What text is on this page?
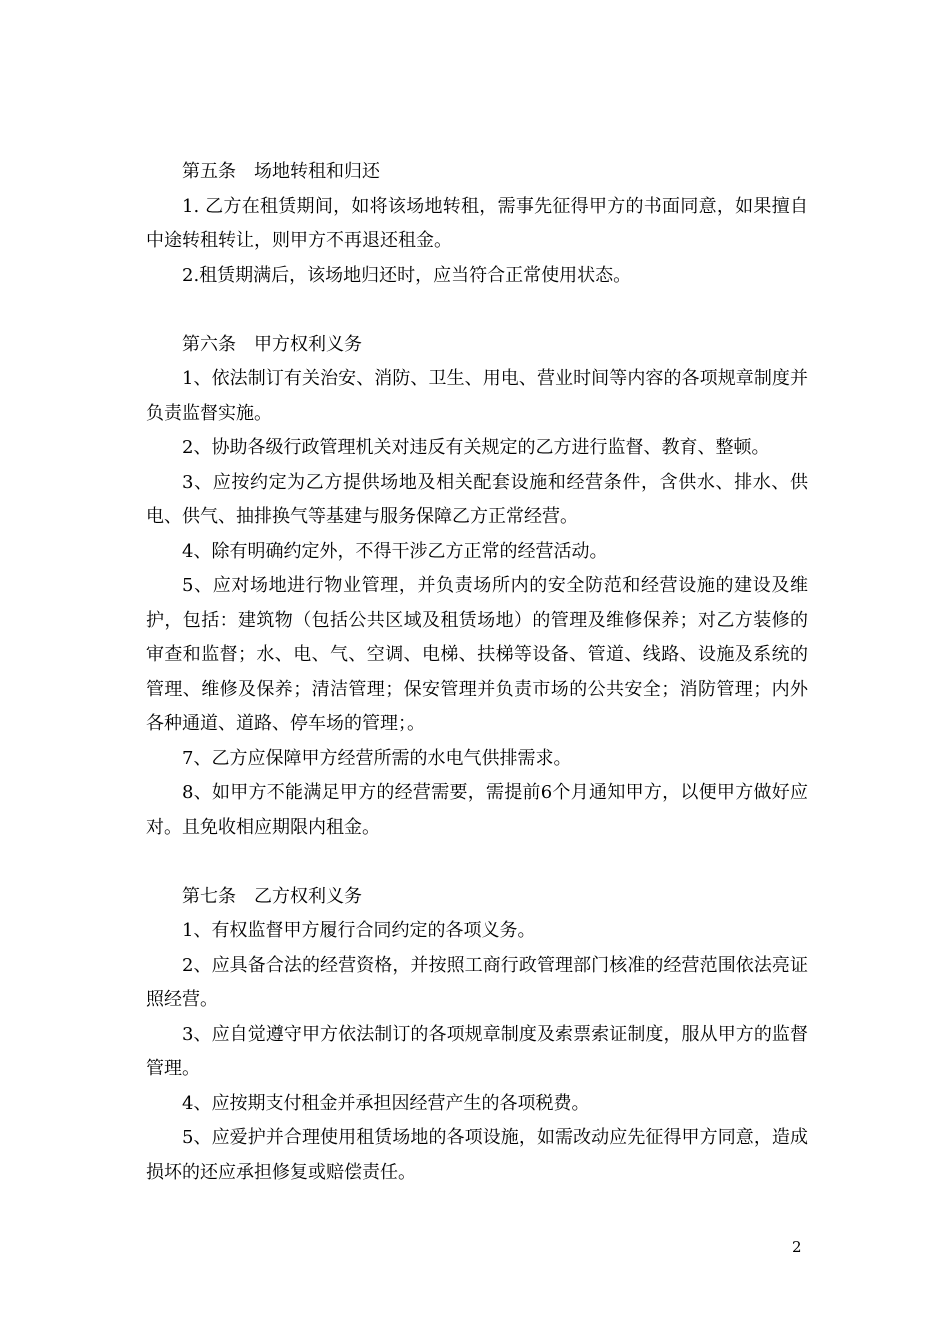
第五条　场地转租和归还

1. 乙方在租赁期间，如将该场地转租，需事先征得甲方的书面同意，如果擅自中途转租转让，则甲方不再退还租金。

2.租赁期满后，该场地归还时，应当符合正常使用状态。

第六条　甲方权利义务

1、依法制订有关治安、消防、卫生、用电、营业时间等内容的各项规章制度并负责监督实施。

2、协助各级行政管理机关对违反有关规定的乙方进行监督、教育、整顿。

3、应按约定为乙方提供场地及相关配套设施和经营条件，含供水、排水、供电、供气、抽排换气等基建与服务保障乙方正常经营。

4、除有明确约定外，不得干涉乙方正常的经营活动。

5、应对场地进行物业管理，并负责场所内的安全防范和经营设施的建设及维护，包括：建筑物（包括公共区域及租赁场地）的管理及维修保养；对乙方装修的审查和监督；水、电、气、空调、电梯、扶梯等设备、管道、线路、设施及系统的管理、维修及保养；清洁管理；保安管理并负责市场的公共安全；消防管理；内外各种通道、道路、停车场的管理；。

7、乙方应保障甲方经营所需的水电气供排需求。

8、如甲方不能满足甲方的经营需要，需提前6个月通知甲方，以便甲方做好应对。且免收相应期限内租金。

第七条　乙方权利义务

1、有权监督甲方履行合同约定的各项义务。

2、应具备合法的经营资格，并按照工商行政管理部门核准的经营范围依法亮证照经营。

3、应自觉遵守甲方依法制订的各项规章制度及索票索证制度，服从甲方的监督管理。

4、应按期支付租金并承担因经营产生的各项税费。

5、应爱护并合理使用租赁场地的各项设施，如需改动应先征得甲方同意，造成损坏的还应承担修复或赔偿责任。

2
